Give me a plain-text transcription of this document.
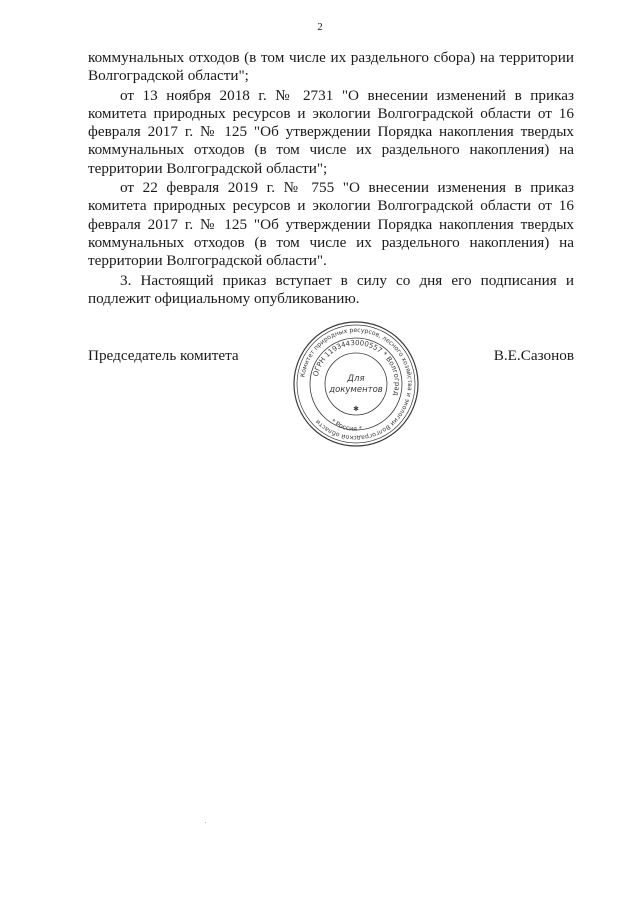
2

коммунальных отходов (в том числе их раздельного сбора) на территории Волгоградской области";

от 13 ноября 2018 г. № 2731 "О внесении изменений в приказ комитета природных ресурсов и экологии Волгоградской области от 16 февраля 2017 г. № 125 "Об утверждении Порядка накопления твердых коммунальных отходов (в том числе их раздельного накопления) на территории Волгоградской области";

от 22 февраля 2019 г. № 755 "О внесении изменения в приказ комитета природных ресурсов и экологии Волгоградской области от 16 февраля 2017 г. № 125 "Об утверждении Порядка накопления твердых коммунальных отходов (в том числе их раздельного накопления) на территории Волгоградской области".

3. Настоящий приказ вступает в силу со дня его подписания и подлежит официальному опубликованию.

Председатель комитета	В.Е.Сазонов
Комитет природных ресурсов, лесного хозяйства и экологии Волгоградской области
ОГРН 1193443000557 * Волгоград
* Россия *
Для
документов
✱
